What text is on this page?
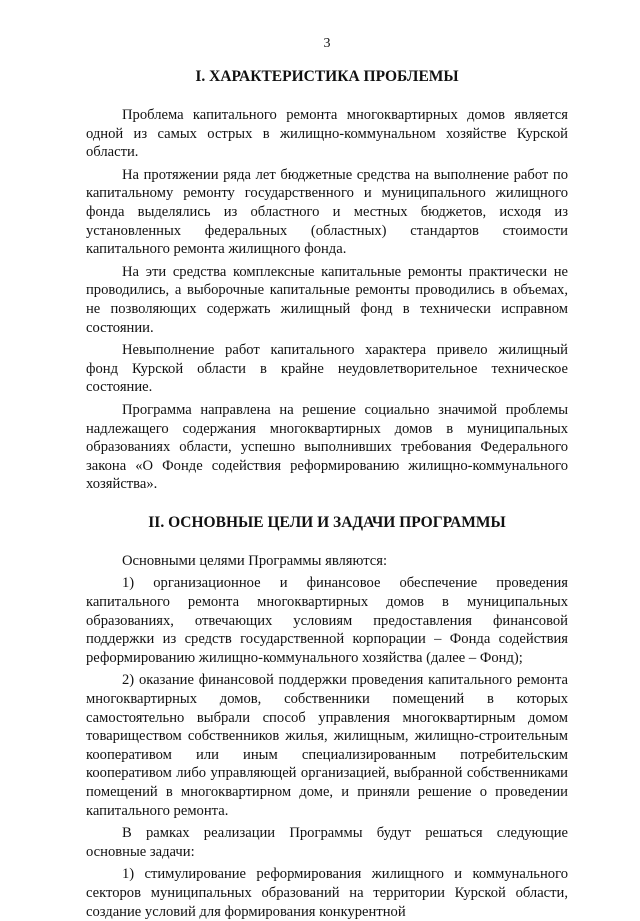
3
I. ХАРАКТЕРИСТИКА ПРОБЛЕМЫ

Проблема капитального ремонта многоквартирных домов является одной из самых острых в жилищно-коммунальном хозяйстве Курской области.

На протяжении ряда лет бюджетные средства на выполнение работ по капитальному ремонту государственного и муниципального жилищного фонда выделялись из областного и местных бюджетов, исходя из установленных федеральных (областных) стандартов стоимости капитального ремонта жилищного фонда.

На эти средства комплексные капитальные ремонты практически не проводились, а выборочные капитальные ремонты проводились в объемах, не позволяющих содержать жилищный фонд в технически исправном состоянии.

Невыполнение работ капитального характера привело жилищный фонд Курской области в крайне неудовлетворительное техническое состояние.

Программа направлена на решение социально значимой проблемы надлежащего содержания многоквартирных домов в муниципальных образованиях области, успешно выполнивших требования Федерального закона «О Фонде содействия реформированию жилищно-коммунального хозяйства».

II. ОСНОВНЫЕ ЦЕЛИ И ЗАДАЧИ ПРОГРАММЫ

Основными целями Программы являются:

1) организационное и финансовое обеспечение проведения капитального ремонта многоквартирных домов в муниципальных образованиях, отвечающих условиям предоставления финансовой поддержки из средств государственной корпорации – Фонда содействия реформированию жилищно-коммунального хозяйства (далее – Фонд);

2) оказание финансовой поддержки проведения капитального ремонта многоквартирных домов, собственники помещений в которых самостоятельно выбрали способ управления многоквартирным домом товариществом собственников жилья, жилищным, жилищно-строительным кооперативом или иным специализированным потребительским кооперативом либо управляющей организацией, выбранной собственниками помещений в многоквартирном доме, и приняли решение о проведении капитального ремонта.

В рамках реализации Программы будут решаться следующие основные задачи:

1) стимулирование реформирования жилищного и коммунального секторов муниципальных образований на территории Курской области, создание условий для формирования конкурентной
